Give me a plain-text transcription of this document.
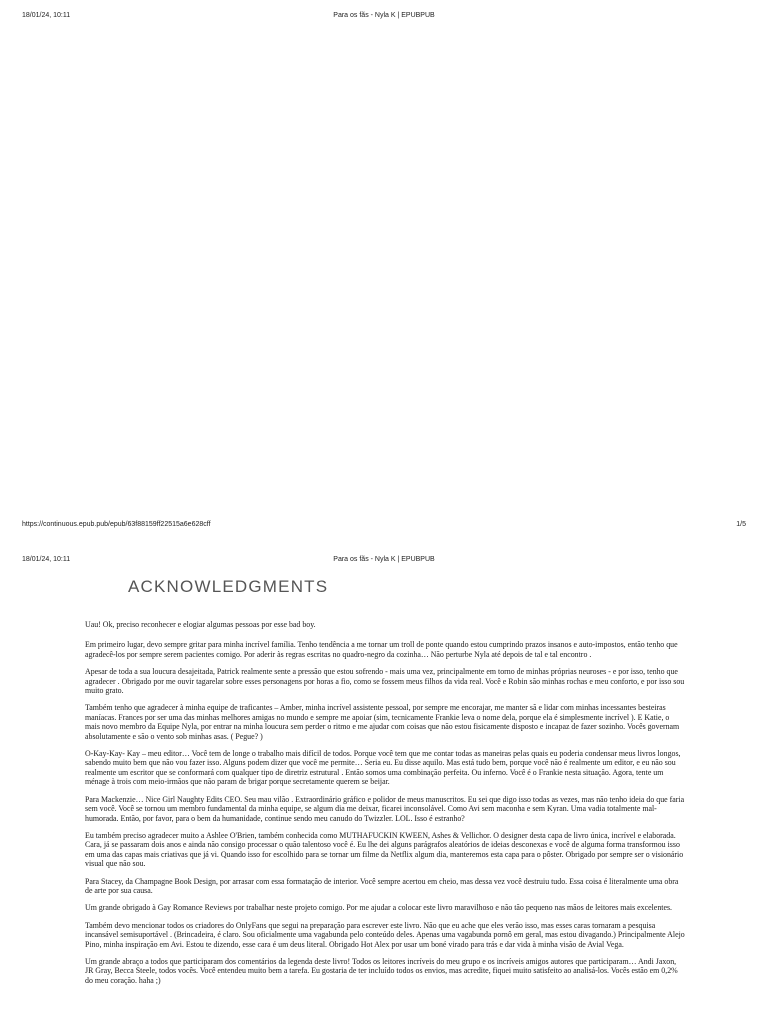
18/01/24, 10:11	Para os fãs - Nyla K | EPUBPUB
https://continuous.epub.pub/epub/63f88159ff22515a6e628cff	1/5
18/01/24, 10:11	Para os fãs - Nyla K | EPUBPUB
ACKNOWLEDGMENTS

Uau! Ok, preciso reconhecer e elogiar algumas pessoas por esse bad boy.

Em primeiro lugar, devo sempre gritar para minha incrível família. Tenho tendência a me tornar um troll de ponte quando estou cumprindo prazos insanos e auto-impostos, então tenho que agradecê-los por sempre serem pacientes comigo. Por aderir às regras escritas no quadro-negro da cozinha… Não perturbe Nyla até depois de tal e tal encontro .

Apesar de toda a sua loucura desajeitada, Patrick realmente sente a pressão que estou sofrendo - mais uma vez, principalmente em torno de minhas próprias neuroses - e por isso, tenho que agradecer . Obrigado por me ouvir tagarelar sobre esses personagens por horas a fio, como se fossem meus filhos da vida real. Você e Robin são minhas rochas e meu conforto, e por isso sou muito grato.

Também tenho que agradecer à minha equipe de traficantes – Amber, minha incrível assistente pessoal, por sempre me encorajar, me manter sã e lidar com minhas incessantes besteiras maníacas. Frances por ser uma das minhas melhores amigas no mundo e sempre me apoiar (sim, tecnicamente Frankie leva o nome dela, porque ela é simplesmente incrível ). E Katie, o mais novo membro da Equipe Nyla, por entrar na minha loucura sem perder o ritmo e me ajudar com coisas que não estou fisicamente disposto e incapaz de fazer sozinho. Vocês governam absolutamente e são o vento sob minhas asas. ( Pegue? )

O-Kay-Kay- Kay – meu editor… Você tem de longe o trabalho mais difícil de todos. Porque você tem que me contar todas as maneiras pelas quais eu poderia condensar meus livros longos, sabendo muito bem que não vou fazer isso. Alguns podem dizer que você me permite… Seria eu. Eu disse aquilo. Mas está tudo bem, porque você não é realmente um editor, e eu não sou realmente um escritor que se conformará com qualquer tipo de diretriz estrutural . Então somos uma combinação perfeita. Ou inferno. Você é o Frankie nesta situação. Agora, tente um ménage à trois com meio-irmãos que não param de brigar porque secretamente querem se beijar.

Para Mackenzie… Nice Girl Naughty Edits CEO. Seu mau vilão . Extraordinário gráfico e polidor de meus manuscritos. Eu sei que digo isso todas as vezes, mas não tenho ideia do que faria sem você. Você se tornou um membro fundamental da minha equipe, se algum dia me deixar, ficarei inconsolável. Como Avi sem maconha e sem Kyran. Uma vadia totalmente mal-humorada. Então, por favor, para o bem da humanidade, continue sendo meu canudo do Twizzler. LOL. Isso é estranho?

Eu também preciso agradecer muito a Ashlee O'Brien, também conhecida como MUTHAFUCKIN KWEEN, Ashes & Vellichor. O designer desta capa de livro única, incrível e elaborada. Cara, já se passaram dois anos e ainda não consigo processar o quão talentoso você é. Eu lhe dei alguns parágrafos aleatórios de ideias desconexas e você de alguma forma transformou isso em uma das capas mais criativas que já vi. Quando isso for escolhido para se tornar um filme da Netflix algum dia, manteremos esta capa para o pôster. Obrigado por sempre ser o visionário visual que não sou.

Para Stacey, da Champagne Book Design, por arrasar com essa formatação de interior. Você sempre acertou em cheio, mas dessa vez você destruiu tudo. Essa coisa é literalmente uma obra de arte por sua causa.

Um grande obrigado à Gay Romance Reviews por trabalhar neste projeto comigo. Por me ajudar a colocar este livro maravilhoso e não tão pequeno nas mãos de leitores mais excelentes.

Também devo mencionar todos os criadores do OnlyFans que segui na preparação para escrever este livro. Não que eu ache que eles verão isso, mas esses caras tornaram a pesquisa incansável semisuportável . (Brincadeira, é claro. Sou oficialmente uma vagabunda pelo conteúdo deles. Apenas uma vagabunda pornô em geral, mas estou divagando.) Principalmente Alejo Pino, minha inspiração em Avi. Estou te dizendo, esse cara é um deus literal. Obrigado Hot Alex por usar um boné virado para trás e dar vida à minha visão de Avial Vega.

Um grande abraço a todos que participaram dos comentários da legenda deste livro! Todos os leitores incríveis do meu grupo e os incríveis amigos autores que participaram… Andi Jaxon, JR Gray, Becca Steele, todos vocês. Você entendeu muito bem a tarefa. Eu gostaria de ter incluído todos os envios, mas acredite, fiquei muito satisfeito ao analisá-los. Vocês estão em 0,2% do meu coração. haha ;)
